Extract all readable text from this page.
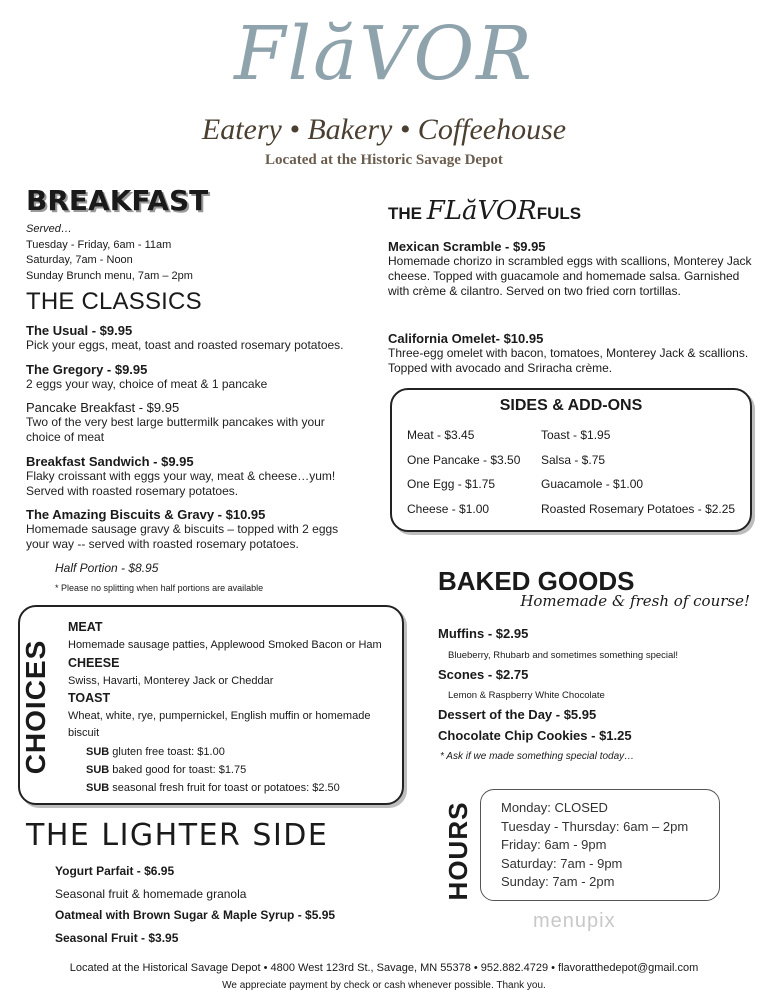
FlăVOR
Eatery • Bakery • Coffeehouse
Located at the Historic Savage Depot
BREAKFAST
Served…
Tuesday - Friday, 6am - 11am
Saturday, 7am - Noon
Sunday Brunch menu, 7am – 2pm
THE CLASSICS
The Usual - $9.95
Pick your eggs, meat, toast and roasted rosemary potatoes.
The Gregory - $9.95
2 eggs your way, choice of meat & 1 pancake
Pancake Breakfast - $9.95
Two of the very best large buttermilk pancakes with your choice of meat
Breakfast Sandwich - $9.95
Flaky croissant with eggs your way, meat & cheese…yum! Served with roasted rosemary potatoes.
The Amazing Biscuits & Gravy - $10.95
Homemade sausage gravy & biscuits – topped with 2 eggs your way -- served with roasted rosemary potatoes.
Half Portion - $8.95
* Please no splitting when half portions are available
CHOICES
MEAT
Homemade sausage patties, Applewood Smoked Bacon or Ham
CHEESE
Swiss, Havarti, Monterey Jack or Cheddar
TOAST
Wheat, white, rye, pumpernickel, English muffin or homemade biscuit
SUB gluten free toast: $1.00
SUB baked good for toast: $1.75
SUB seasonal fresh fruit for toast or potatoes: $2.50
THE LIGHTER SIDE
Yogurt Parfait - $6.95
Seasonal fruit & homemade granola
Oatmeal with Brown Sugar & Maple Syrup - $5.95
Seasonal Fruit - $3.95
THE FLăVORFULS
Mexican Scramble - $9.95
Homemade chorizo in scrambled eggs with scallions, Monterey Jack cheese. Topped with guacamole and homemade salsa. Garnished with crème & cilantro. Served on two fried corn tortillas.
California Omelet- $10.95
Three-egg omelet with bacon, tomatoes, Monterey Jack & scallions. Topped with avocado and Sriracha crème.
SIDES & ADD-ONS
Meat - $3.45
One Pancake - $3.50
One Egg - $1.75
Cheese - $1.00
Toast - $1.95
Salsa - $.75
Guacamole - $1.00
Roasted Rosemary Potatoes - $2.25
BAKED GOODS
Homemade & fresh of course!
Muffins - $2.95
Blueberry, Rhubarb and sometimes something special!
Scones - $2.75
Lemon & Raspberry White Chocolate
Dessert of the Day - $5.95
Chocolate Chip Cookies - $1.25
* Ask if we made something special today…
HOURS Monday: CLOSED
Tuesday - Thursday: 6am – 2pm
Friday: 6am - 9pm
Saturday: 7am - 9pm
Sunday: 7am - 2pm
menupix
Located at the Historical Savage Depot • 4800 West 123rd St., Savage, MN 55378 • 952.882.4729 • flavoratthedepot@gmail.com
We appreciate payment by check or cash whenever possible. Thank you.
